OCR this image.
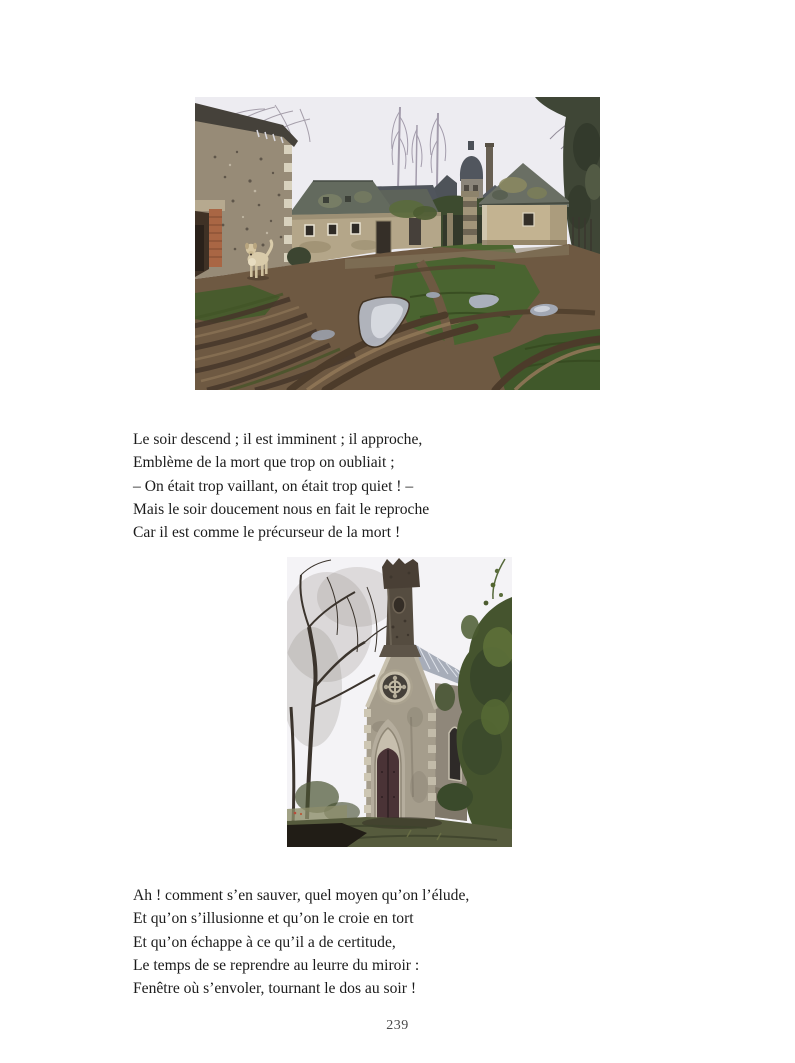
Le soir descend ; il est imminent ; il approche,
Emblème de la mort que trop on oubliait ;
– On était trop vaillant, on était trop quiet ! –
Mais le soir doucement nous en fait le reproche
Car il est comme le précurseur de la mort !
Ah ! comment s’en sauver, quel moyen qu’on l’élude,
Et qu’on s’illusionne et qu’on le croie en tort
Et qu’on échappe à ce qu’il a de certitude,
Le temps de se reprendre au leurre du miroir :
Fenêtre où s’envoler, tournant le dos au soir !
239
